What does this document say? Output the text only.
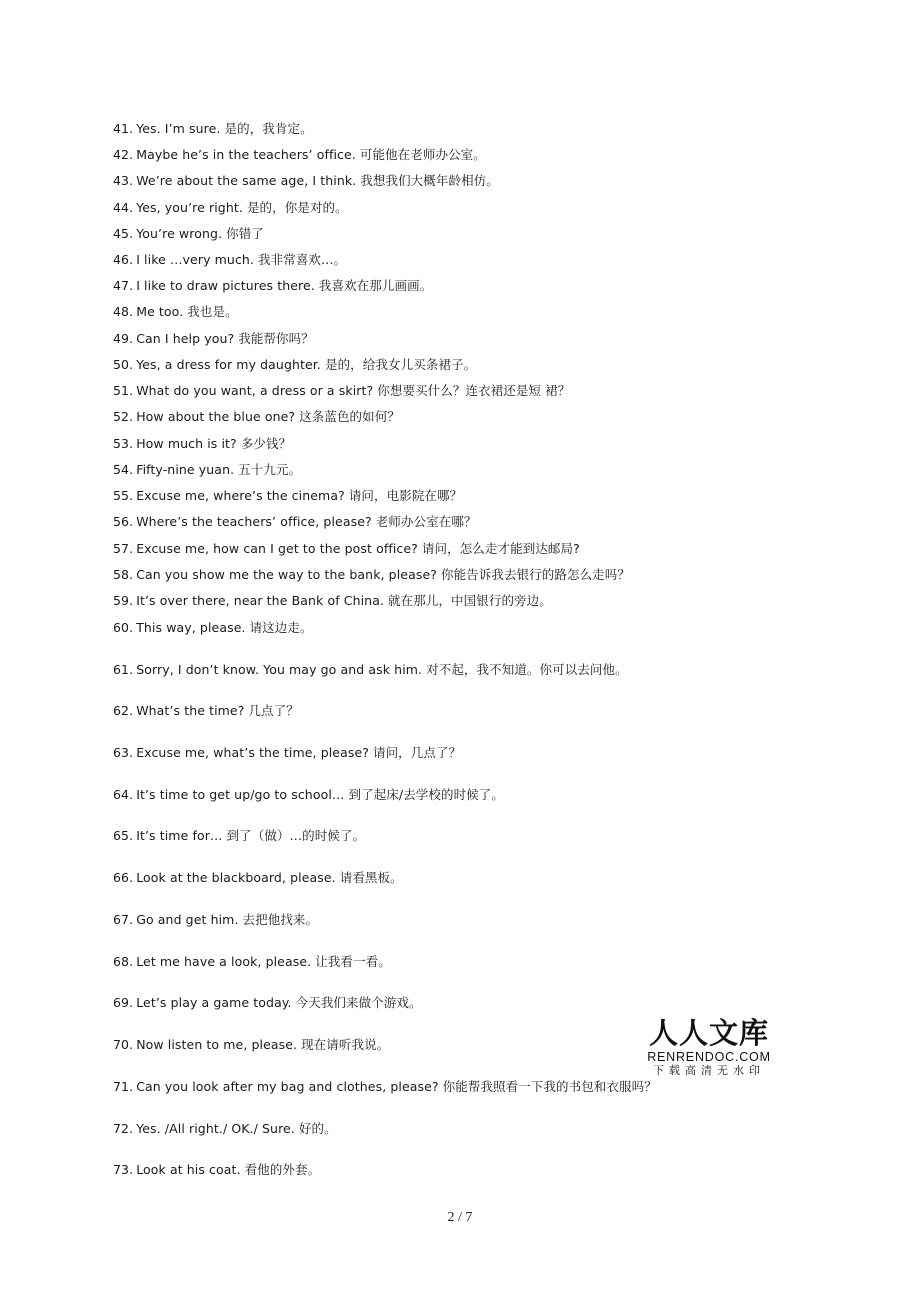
41. Yes. I’m sure. 是的，我肯定。
42. Maybe he’s in the teachers’ office. 可能他在老师办公室。
43. We’re about the same age, I think. 我想我们大概年龄相仿。
44. Yes, you’re right. 是的，你是对的。
45. You’re wrong. 你错了
46. I like …very much. 我非常喜欢…。
47. I like to draw pictures there. 我喜欢在那儿画画。
48. Me too. 我也是。
49. Can I help you? 我能帮你吗？
50. Yes, a dress for my daughter. 是的，给我女儿买条裙子。
51. What do you want, a dress or a skirt? 你想要买什么？连衣裙还是短 裙？
52. How about the blue one? 这条蓝色的如何？
53. How much is it? 多少钱？
54. Fifty-nine yuan. 五十九元。
55. Excuse me, where’s the cinema? 请问，电影院在哪？
56. Where’s the teachers’ office, please? 老师办公室在哪？
57. Excuse me, how can I get to the post office? 请问，怎么走才能到达邮局?
58. Can you show me the way to the bank, please? 你能告诉我去银行的路怎么走吗？
59. It’s over there, near the Bank of China. 就在那儿，中国银行的旁边。
60. This way, please. 请这边走。
61. Sorry, I don’t know. You may go and ask him. 对不起，我不知道。你可以去问他。
62. What’s the time? 几点了？
63. Excuse me, what’s the time, please? 请问，几点了？
64. It’s time to get up/go to school… 到了起床/去学校的时候了。
65. It’s time for… 到了（做）…的时候了。
66. Look at the blackboard, please. 请看黑板。
67. Go and get him. 去把他找来。
68. Let me have a look, please. 让我看一看。
69. Let’s play a game today. 今天我们来做个游戏。
70. Now listen to me, please. 现在请听我说。
71. Can you look after my bag and clothes, please? 你能帮我照看一下我的书包和衣服吗？
72. Yes. /All right./ OK./ Sure. 好的。
73. Look at his coat. 看他的外套。
人人文库
RENRENDOC.COM
下载高清无水印
2 / 7
